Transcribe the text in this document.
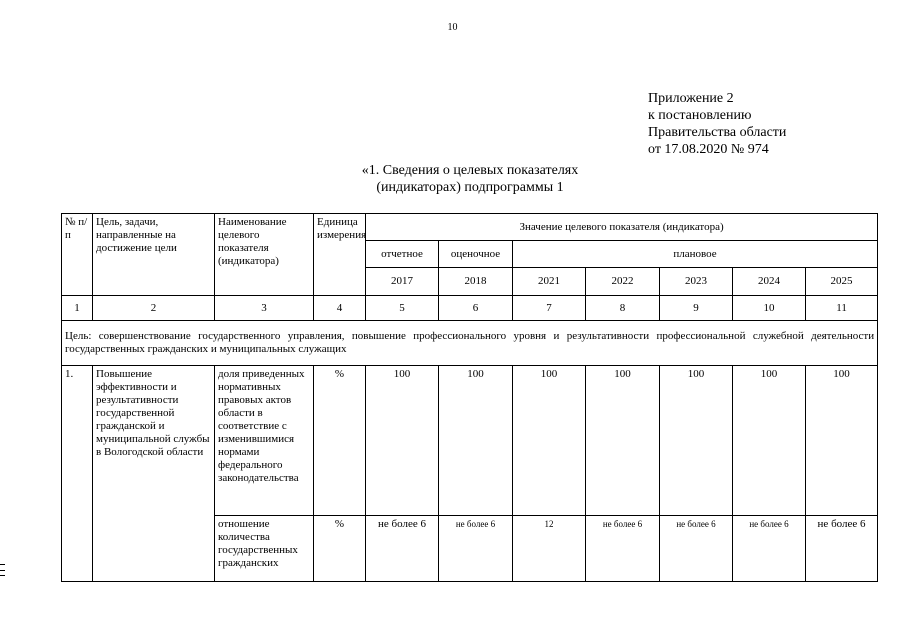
10
Приложение 2
к постановлению
Правительства области
от 17.08.2020 № 974
«1. Сведения о целевых показателях
(индикаторах) подпрограммы 1
№ п/п	Цель, задачи, направленные на достижение цели	Наименование целевого показателя (индикатора)	Единица измерения	Значение целевого показателя (индикатора)						
				отчетное	оценочное	плановое				
				2017	2018	2021	2022	2023	2024	2025
1	2	3	4	5	6	7	8	9	10	11
Цель: совершенствование государственного управления, повышение профессионального уровня и результативности профессиональной служебной деятельности государственных гражданских и муниципальных служащих										
1.	Повышение эффективности и результативности государственной гражданской и муниципальной службы в Вологодской области	доля приведенных нормативных правовых актов области в соответствие с изменившимися нормами федерального законодательства	%	100	100	100	100	100	100	100
		отношение количества государственных гражданских	%	не более 6	не более 6	12	не более 6	не более 6	не более 6	не более 6
